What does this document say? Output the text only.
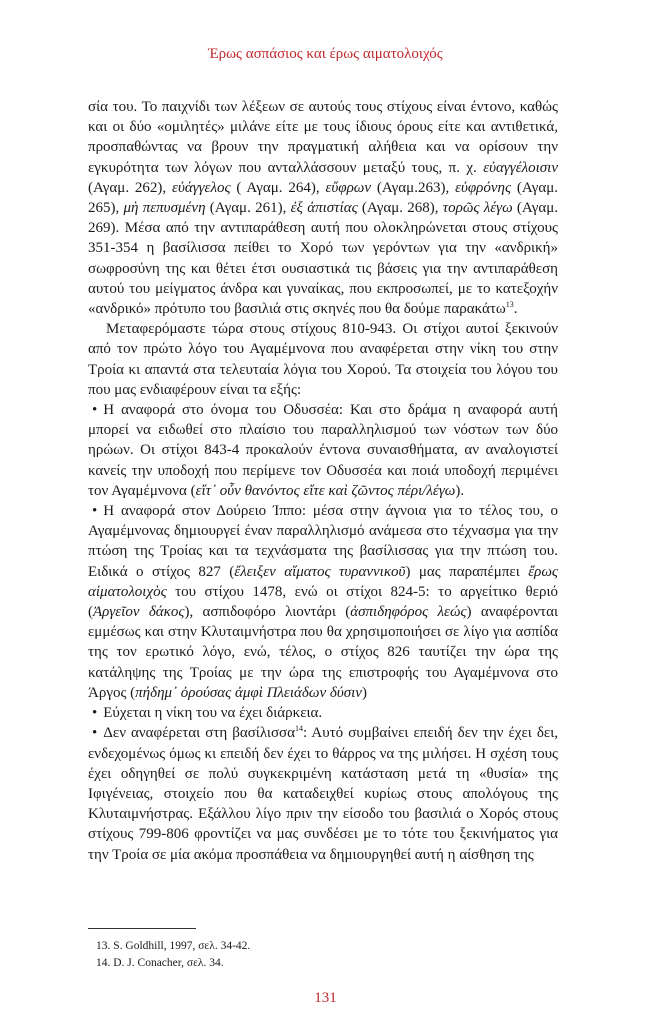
Έρως ασπάσιος και έρως αιματολοιχός

σία του. Το παιχνίδι των λέξεων σε αυτούς τους στίχους είναι έντονο, καθώς και οι δύο «ομιλητές» μιλάνε είτε με τους ίδιους όρους είτε και αντιθετικά, προσπαθώντας να βρουν την πραγματική αλήθεια και να ορίσουν την εγκυρότητα των λόγων που ανταλλάσσουν μεταξύ τους, π. χ. εὐαγγέλοισιν (Αγαμ. 262), εὐάγγελος ( Αγαμ. 264), εὔφρων (Αγαμ.263), εὐφρόνης (Αγαμ. 265), μὴ πεπυσμένη (Αγαμ. 261), ἐξ ἀπιστίας (Αγαμ. 268), τορῶς λέγω (Αγαμ. 269). Μέσα από την αντιπαράθεση αυτή που ολοκληρώνεται στους στίχους 351-354 η βασίλισσα πείθει το Χορό των γερόντων για την «ανδρική» σωφροσύνη της και θέτει έτσι ουσιαστικά τις βάσεις για την αντιπαράθεση αυτού του μείγματος άνδρα και γυναίκας, που εκπροσωπεί, με το κατεξοχήν «ανδρικό» πρότυπο του βασιλιά στις σκηνές που θα δούμε παρακάτω$^{13}$.

Μεταφερόμαστε τώρα στους στίχους 810-943. Οι στίχοι αυτοί ξεκινούν από τον πρώτο λόγο του Αγαμέμνονα που αναφέρεται στην νίκη του στην Τροία κι απαντά στα τελευταία λόγια του Χορού. Τα στοιχεία του λόγου του που μας ενδιαφέρουν είναι τα εξής:

• Η αναφορά στο όνομα του Οδυσσέα: Και στο δράμα η αναφορά αυτή μπορεί να ειδωθεί στο πλαίσιο του παραλληλισμού των νόστων των δύο ηρώων. Οι στίχοι 843-4 προκαλούν έντονα συναισθήματα, αν αναλογιστεί κανείς την υποδοχή που περίμενε τον Οδυσσέα και ποιά υποδοχή περιμένει τον Αγαμέμνονα (εἴτ᾽ οὖν θανόντος εἴτε καὶ ζῶντος πέρι/λέγω).

• Η αναφορά στον Δούρειο Ίππο: μέσα στην άγνοια για το τέλος του, ο Αγαμέμνονας δημιουργεί έναν παραλληλισμό ανάμεσα στο τέχνασμα για την πτώση της Τροίας και τα τεχνάσματα της βασίλισσας για την πτώση του. Ειδικά ο στίχος 827 (ἔλειξεν αἵματος τυραννικοῦ) μας παραπέμπει ἔρως αἱματολοιχὸς του στίχου 1478, ενώ οι στίχοι 824-5: το αργείτικο θεριό (Ἀργεῖον δάκος), ασπιδοφόρο λιοντάρι (ἀσπιδηφόρος λεώς) αναφέρονται εμμέσως και στην Κλυταιμνήστρα που θα χρησιμοποιήσει σε λίγο για ασπίδα της τον ερωτικό λόγο, ενώ, τέλος, ο στίχος 826 ταυτίζει την ώρα της κατάληψης της Τροίας με την ώρα της επιστροφής του Αγαμέμνονα στο Άργος (πήδημ᾽ ὀρούσας ἀμφὶ Πλειάδων δύσιν)

• Εύχεται η νίκη του να έχει διάρκεια.

• Δεν αναφέρεται στη βασίλισσα$^{14}$: Αυτό συμβαίνει επειδή δεν την έχει δει, ενδεχομένως όμως κι επειδή δεν έχει το θάρρος να της μιλήσει. Η σχέση τους έχει οδηγηθεί σε πολύ συγκεκριμένη κατάσταση μετά τη «θυσία» της Ιφιγένειας, στοιχείο που θα καταδειχθεί κυρίως στους απολόγους της Κλυταιμνήστρας. Εξάλλου λίγο πριν την είσοδο του βασιλιά ο Χορός στους στίχους 799-806 φροντίζει να μας συνδέσει με το τότε του ξεκινήματος για την Τροία σε μία ακόμα προσπάθεια να δημιουργηθεί αυτή η αίσθηση της

13. S. Goldhill, 1997, σελ. 34-42.
14. D. J. Conacher, σελ. 34.
131
